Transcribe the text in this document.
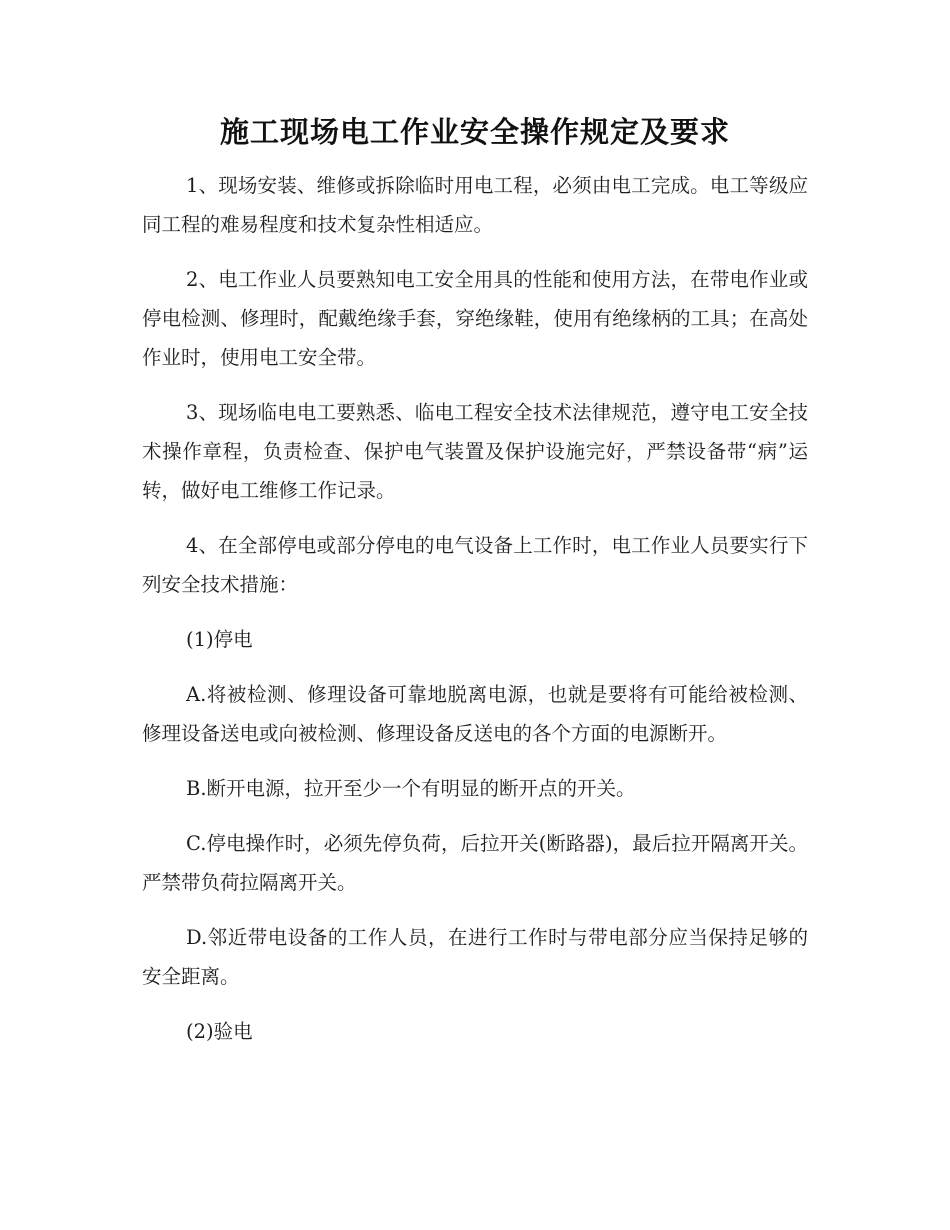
施工现场电工作业安全操作规定及要求

1、现场安装、维修或拆除临时用电工程，必须由电工完成。电工等级应同工程的难易程度和技术复杂性相适应。

2、电工作业人员要熟知电工安全用具的性能和使用方法，在带电作业或停电检测、修理时，配戴绝缘手套，穿绝缘鞋，使用有绝缘柄的工具；在高处作业时，使用电工安全带。

3、现场临电电工要熟悉、临电工程安全技术法律规范，遵守电工安全技术操作章程，负责检查、保护电气装置及保护设施完好，严禁设备带“病”运转，做好电工维修工作记录。

4、在全部停电或部分停电的电气设备上工作时，电工作业人员要实行下列安全技术措施：

(1)停电

A.将被检测、修理设备可靠地脱离电源，也就是要将有可能给被检测、修理设备送电或向被检测、修理设备反送电的各个方面的电源断开。

B.断开电源，拉开至少一个有明显的断开点的开关。

C.停电操作时，必须先停负荷，后拉开关(断路器)，最后拉开隔离开关。严禁带负荷拉隔离开关。

D.邻近带电设备的工作人员，在进行工作时与带电部分应当保持足够的安全距离。

(2)验电
